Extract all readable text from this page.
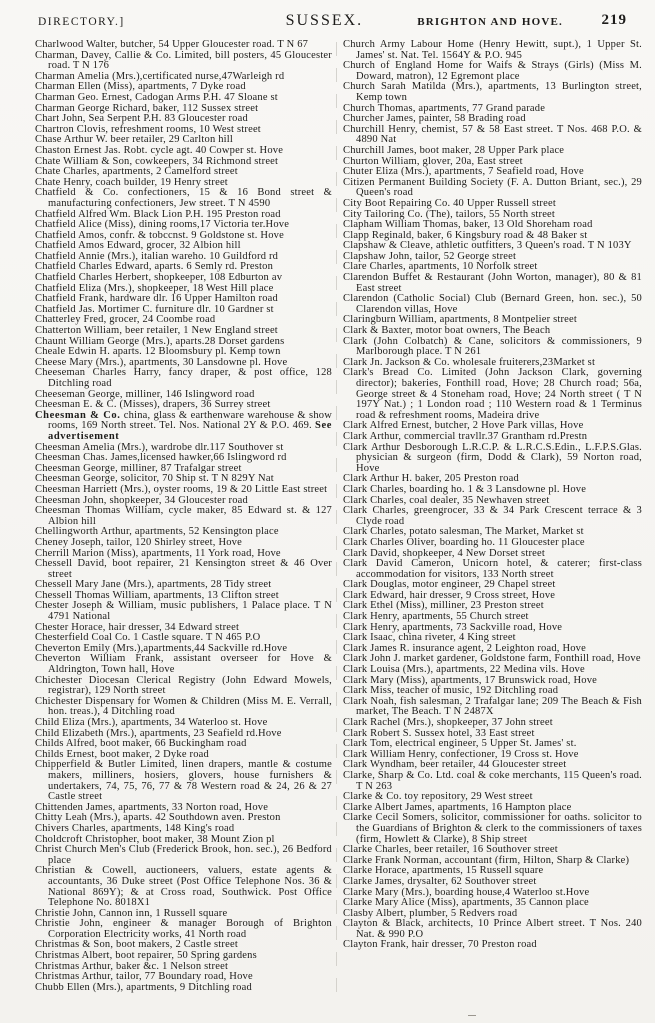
DIRECTORY.]	SUSSEX.	BRIGHTON AND HOVE.	219

Charlwood Walter, butcher, 54 Upper Gloucester road. T N 67

Charman, Davey, Callie & Co. Limited, bill posters, 45 Gloucester road. T N 176

Charman Amelia (Mrs.),certificated nurse,47Warleigh rd

Charman Ellen (Miss), apartments, 7 Dyke road

Charman Geo. Ernest, Cadogan Arms P.H. 47 Sloane st

Charman George Richard, baker, 112 Sussex street

Chart John, Sea Serpent P.H. 83 Gloucester road

Chartron Clovis, refreshment rooms, 10 West street

Chase Arthur W. beer retailer, 29 Carlton hill

Chaston Ernest Jas. Robt. cycle agt. 40 Cowper st. Hove

Chate William & Son, cowkeepers, 34 Richmond street

Chate Charles, apartments, 2 Camelford street

Chate Henry, coach builder, 19 Henry street

Chatfield & Co. confectioners, 15 & 16 Bond street & manufacturing confectioners, Jew street. T N 4590

Chatfield Alfred Wm. Black Lion P.H. 195 Preston road

Chatfield Alice (Miss), dining rooms,17 Victoria ter.Hove

Chatfield Amos, confr. & tobccnst. 9 Goldstone st. Hove

Chatfield Amos Edward, grocer, 32 Albion hill

Chatfield Annie (Mrs.), italian wareho. 10 Guildford rd

Chatfield Charles Edward, aparts. 6 Semly rd. Preston

Chatfield Charles Herbert, shopkeeper, 108 Edburton av

Chatfield Eliza (Mrs.), shopkeeper, 18 West Hill place

Chatfield Frank, hardware dlr. 16 Upper Hamilton road

Chatfield Jas. Mortimer C. furniture dlr. 10 Gardner st

Chatterley Fred, grocer, 24 Coombe road

Chatterton William, beer retailer, 1 New England street

Chaunt William George (Mrs.), aparts.28 Dorset gardens

Cheale Edwin H. aparts. 12 Bloomsbury pl. Kemp town

Cheese Mary (Mrs.), apartments, 30 Lansdowne pl. Hove

Cheeseman Charles Harry, fancy draper, & post office, 128 Ditchling road

Cheeseman George, milliner, 146 Islingword road

Cheesman E. & C. (Misses), drapers, 36 Surrey street

Cheesman & Co. china, glass & earthenware warehouse & show rooms, 169 North street. Tel. Nos. National 2Y & P.O. 469. See advertisement

Cheesman Amelia (Mrs.), wardrobe dlr.117 Southover st

Cheesman Chas. James,licensed hawker,66 Islingword rd

Cheesman George, milliner, 87 Trafalgar street

Cheesman George, solicitor, 70 Ship st. T N 829Y Nat

Cheesman Harriett (Mrs.), oyster rooms, 19 & 20 Little East street

Cheesman John, shopkeeper, 34 Gloucester road

Cheesman Thomas William, cycle maker, 85 Edward st. & 127 Albion hill

Chellingworth Arthur, apartments, 52 Kensington place

Cheney Joseph, tailor, 120 Shirley street, Hove

Cherrill Marion (Miss), apartments, 11 York road, Hove

Chessell David, boot repairer, 21 Kensington street & 46 Over street

Chessell Mary Jane (Mrs.), apartments, 28 Tidy street

Chessell Thomas William, apartments, 13 Clifton street

Chester Joseph & William, music publishers, 1 Palace place. T N 4791 National

Chester Horace, hair dresser, 34 Edward street

Chesterfield Coal Co. 1 Castle square. T N 465 P.O

Cheverton Emily (Mrs.),apartments,44 Sackville rd.Hove

Cheverton William Frank, assistant overseer for Hove & Aldrington, Town hall, Hove

Chichester Diocesan Clerical Registry (John Edward Mowels, registrar), 129 North street

Chichester Dispensary for Women & Children (Miss M. E. Verrall, hon. treas.), 4 Ditchling road

Child Eliza (Mrs.), apartments, 34 Waterloo st. Hove

Child Elizabeth (Mrs.), apartments, 23 Seafield rd.Hove

Childs Alfred, boot maker, 66 Buckingham road

Childs Ernest, boot maker, 2 Dyke road

Chipperfield & Butler Limited, linen drapers, mantle & costume makers, milliners, hosiers, glovers, house furnishers & undertakers, 74, 75, 76, 77 & 78 Western road & 24, 26 & 27 Castle street

Chittenden James, apartments, 33 Norton road, Hove

Chitty Leah (Mrs.), aparts. 42 Southdown aven. Preston

Chivers Charles, apartments, 148 King's road

Choldcroft Christopher, boot maker, 38 Mount Zion pl

Christ Church Men's Club (Frederick Brook, hon. sec.), 26 Bedford place

Christian & Cowell, auctioneers, valuers, estate agents & accountants, 36 Duke street (Post Office Telephone Nos. 36 & National 869Y); & at Cross road, Southwick. Post Office Telephone No. 8018X1

Christie John, Cannon inn, 1 Russell square

Christie John, engineer & manager Borough of Brighton Corporation Electricity works, 41 North road

Christmas & Son, boot makers, 2 Castle street

Christmas Albert, boot repairer, 50 Spring gardens

Christmas Arthur, baker &c. 1 Nelson street

Christmas Arthur, tailor, 77 Boundary road, Hove

Chubb Ellen (Mrs.), apartments, 9 Ditchling road

Church Army Labour Home (Henry Hewitt, supt.), 1 Upper St. James' st. Nat. Tel. 1564Y & P.O. 945

Church of England Home for Waifs & Strays (Girls) (Miss M. Doward, matron), 12 Egremont place

Church Sarah Matilda (Mrs.), apartments, 13 Burlington street, Kemp town

Church Thomas, apartments, 77 Grand parade

Churcher James, painter, 58 Brading road

Churchill Henry, chemist, 57 & 58 East street. T Nos. 468 P.O. & 4890 Nat

Churchill James, boot maker, 28 Upper Park place

Churton William, glover, 20a, East street

Chuter Eliza (Mrs.), apartments, 7 Seafield road, Hove

Citizen Permanent Building Society (F. A. Dutton Briant, sec.), 29 Queen's road

City Boot Repairing Co. 40 Upper Russell street

City Tailoring Co. (The), tailors, 55 North street

Clapham William Thomas, baker, 13 Old Shoreham road

Clapp Reginald, baker, 6 Kingsbury road & 48 Baker st

Clapshaw & Cleave, athletic outfitters, 3 Queen's road. T N 103Y

Clapshaw John, tailor, 52 George street

Clare Charles, apartments, 10 Norfolk street

Clarendon Buffet & Restaurant (John Worton, manager), 80 & 81 East street

Clarendon (Catholic Social) Club (Bernard Green, hon. sec.), 50 Clarendon villas, Hove

Claringburn William, apartments, 8 Montpelier street

Clark & Baxter, motor boat owners, The Beach

Clark (John Colbatch) & Cane, solicitors & commissioners, 9 Marlborough place. T N 261

Clark Jn. Jackson & Co. wholesale fruiterers,23Market st

Clark's Bread Co. Limited (John Jackson Clark, governing director); bakeries, Fonthill road, Hove; 28 Church road; 56a, George street & 4 Stoneham road, Hove; 24 North street ( T N 197Y Nat.) ; 1 London road ; 110 Western road & 1 Terminus road & refreshment rooms, Madeira drive

Clark Alfred Ernest, butcher, 2 Hove Park villas, Hove

Clark Arthur, commercial travllr.37 Grantham rd.Prestn

Clark Arthur Desborough L.R.C.P. & L.R.C.S.Edin., L.F.P.S.Glas. physician & surgeon (firm, Dodd & Clark), 59 Norton road, Hove

Clark Arthur H. baker, 205 Preston road

Clark Charles, boarding ho. 1 & 3 Lansdowne pl. Hove

Clark Charles, coal dealer, 35 Newhaven street

Clark Charles, greengrocer, 33 & 34 Park Crescent terrace & 3 Clyde road

Clark Charles, potato salesman, The Market, Market st

Clark Charles Oliver, boarding ho. 11 Gloucester place

Clark David, shopkeeper, 4 New Dorset street

Clark David Cameron, Unicorn hotel, & caterer; first-class accommodation for visitors, 133 North street

Clark Douglas, motor engineer, 29 Chapel street

Clark Edward, hair dresser, 9 Cross street, Hove

Clark Ethel (Miss), milliner, 23 Preston street

Clark Henry, apartments, 55 Church street

Clark Henry, apartments, 73 Sackville road, Hove

Clark Isaac, china riveter, 4 King street

Clark James R. insurance agent, 2 Leighton road, Hove

Clark John J. market gardener, Goldstone farm, Fonthill road, Hove

Clark Louisa (Mrs.), apartments, 22 Medina vils. Hove

Clark Mary (Miss), apartments, 17 Brunswick road, Hove

Clark Miss, teacher of music, 192 Ditchling road

Clark Noah, fish salesman, 2 Trafalgar lane; 209 The Beach & Fish market, The Beach. T N 2487X

Clark Rachel (Mrs.), shopkeeper, 37 John street

Clark Robert S. Sussex hotel, 33 East street

Clark Tom, electrical engineer, 5 Upper St. James' st.

Clark William Henry, confectioner, 19 Cross st. Hove

Clark Wyndham, beer retailer, 44 Gloucester street

Clarke, Sharp & Co. Ltd. coal & coke merchants, 115 Queen's road. T N 263

Clarke & Co. toy repository, 29 West street

Clarke Albert James, apartments, 16 Hampton place

Clarke Cecil Somers, solicitor, commissioner for oaths. solicitor to the Guardians of Brighton & clerk to the commissioners of taxes (firm, Howlett & Clarke), 8 Ship street

Clarke Charles, beer retailer, 16 Southover street

Clarke Frank Norman, accountant (firm, Hilton, Sharp & Clarke)

Clarke Horace, apartments, 15 Russell square

Clarke James, drysalter, 62 Southover street

Clarke Mary (Mrs.), boarding house,4 Waterloo st.Hove

Clarke Mary Alice (Miss), apartments, 35 Cannon place

Clasby Albert, plumber, 5 Redvers road

Clayton & Black, architects, 10 Prince Albert street. T Nos. 240 Nat. & 990 P.O

Clayton Frank, hair dresser, 70 Preston road
